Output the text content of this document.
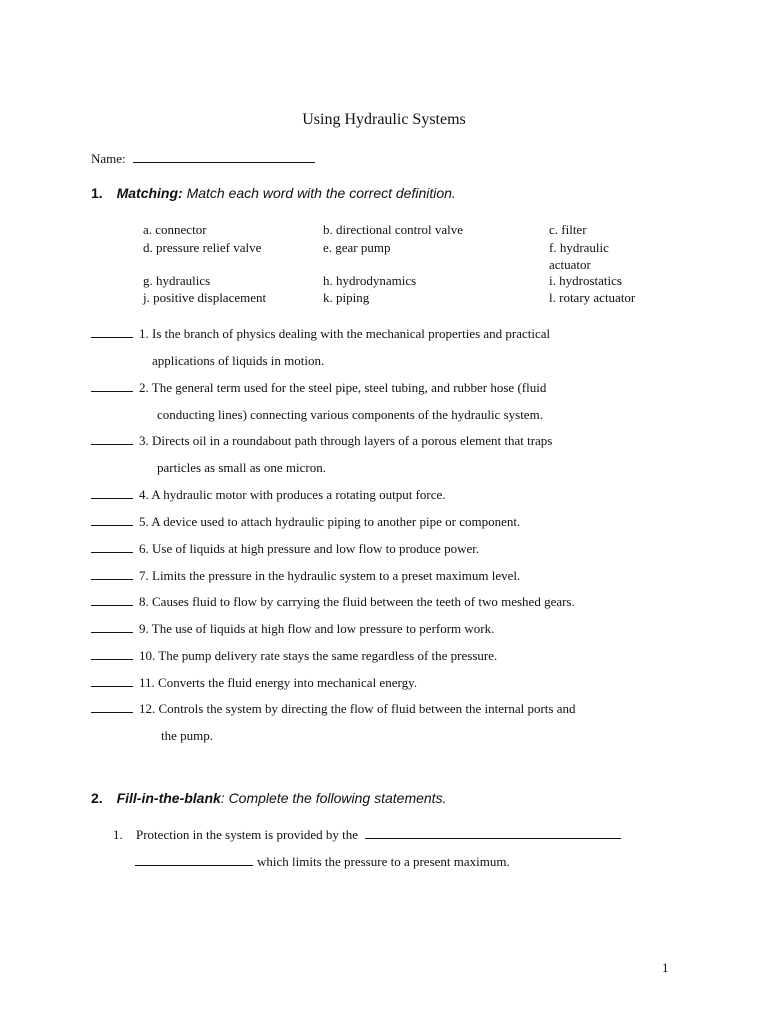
Using Hydraulic Systems
Name:
1. Matching: Match each word with the correct definition.
a. connector	b. directional control valve	c. filter
d. pressure relief valve	e. gear pump	f. hydraulic actuator
g. hydraulics	h. hydrodynamics	i. hydrostatics
j. positive displacement	k. piping	l. rotary actuator
1. Is the branch of physics dealing with the mechanical properties and practical
applications of liquids in motion.
2. The general term used for the steel pipe, steel tubing, and rubber hose (fluid
conducting lines) connecting various components of the hydraulic system.
3. Directs oil in a roundabout path through layers of a porous element that traps
particles as small as one micron.
4. A hydraulic motor with produces a rotating output force.
5. A device used to attach hydraulic piping to another pipe or component.
6. Use of liquids at high pressure and low flow to produce power.
7. Limits the pressure in the hydraulic system to a preset maximum level.
8. Causes fluid to flow by carrying the fluid between the teeth of two meshed gears.
9. The use of liquids at high flow and low pressure to perform work.
10. The pump delivery rate stays the same regardless of the pressure.
11. Converts the fluid energy into mechanical energy.
12. Controls the system by directing the flow of fluid between the internal ports and
the pump.
2. Fill-in-the-blank: Complete the following statements.
1. Protection in the system is provided by the
which limits the pressure to a present maximum.
1
